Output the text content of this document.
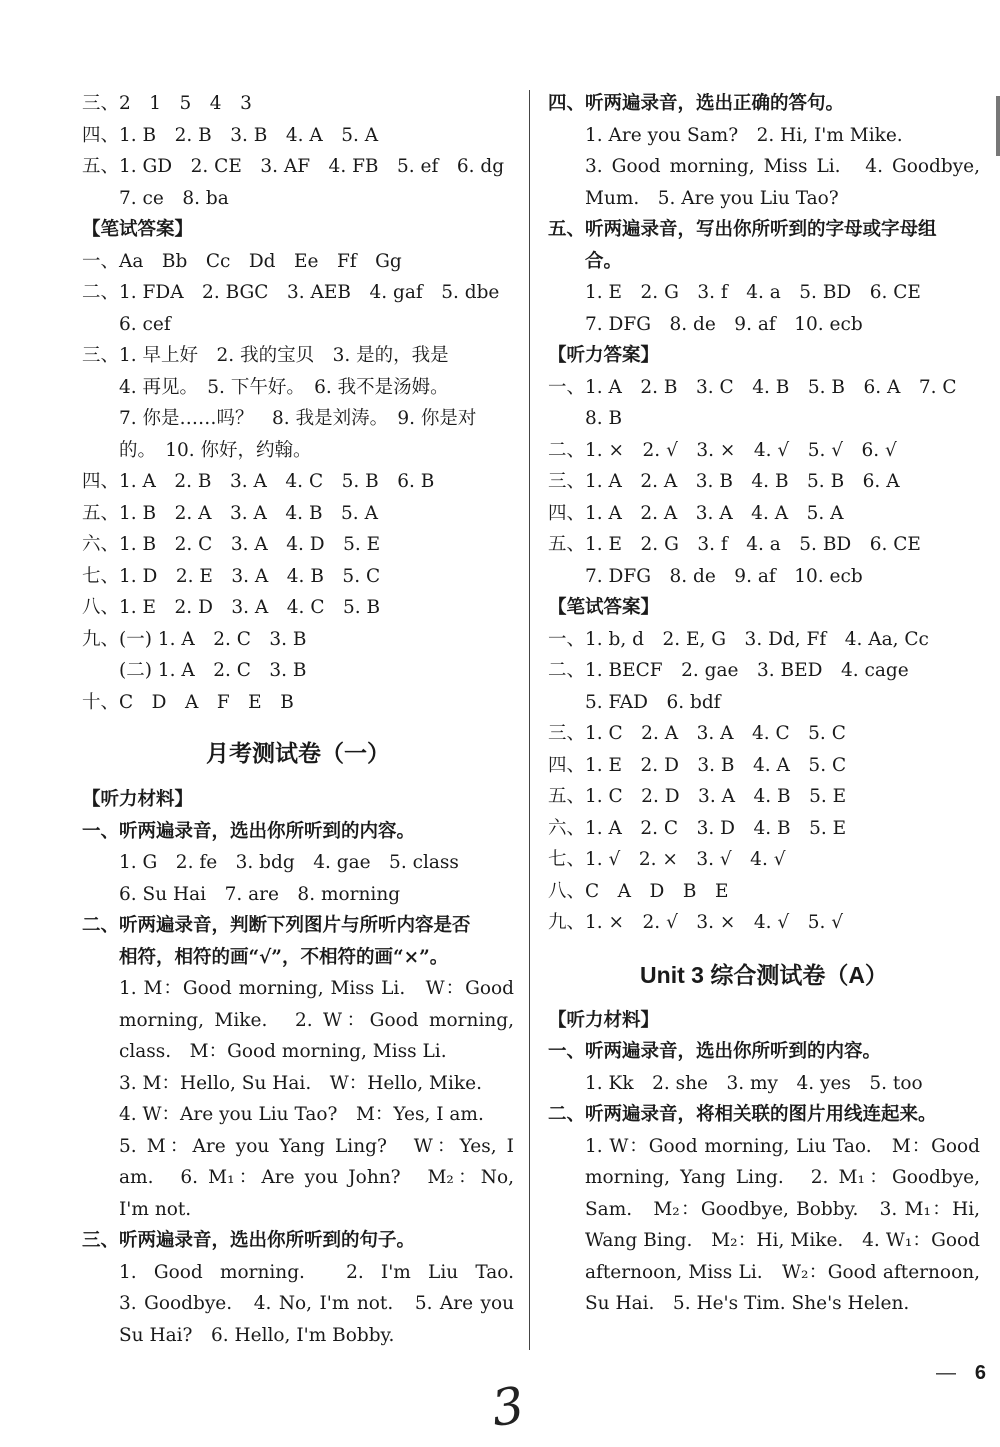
三、2　1　5　4　3
四、1. B　2. B　3. B　4. A　5. A
五、1. GD　2. CE　3. AF　4. FB　5. ef　6. dg
7. ce　8. ba
【笔试答案】
一、Aa　Bb　Cc　Dd　Ee　Ff　Gg
二、1. FDA　2. BGC　3. AEB　4. gaf　5. dbe
6. cef
三、1. 早上好　2. 我的宝贝　3. 是的，我是
4. 再见。　5. 下午好。　6. 我不是汤姆。
7. 你是……吗？　8. 我是刘涛。　9. 你是对
的。　10. 你好，约翰。
四、1. A　2. B　3. A　4. C　5. B　6. B
五、1. B　2. A　3. A　4. B　5. A
六、1. B　2. C　3. A　4. D　5. E
七、1. D　2. E　3. A　4. B　5. C
八、1. E　2. D　3. A　4. C　5. B
九、(一) 1. A　2. C　3. B
(二) 1. A　2. C　3. B
十、C　D　A　F　E　B
月考测试卷（一）
【听力材料】
一、听两遍录音，选出你所听到的内容。
1. G　2. fe　3. bdg　4. gae　5. class
6. Su Hai　7. are　8. morning
二、听两遍录音，判断下列图片与所听内容是否
相符，相符的画“√”，不相符的画“×”。
1. M：Good morning, Miss Li.　W：Good
morning, Mike.　2. W：Good morning,
class.　M：Good morning, Miss Li.
3. M：Hello, Su Hai.　W：Hello, Mike.
4. W：Are you Liu Tao?　M：Yes, I am.
5. M：Are you Yang Ling?　W：Yes, I
am.　6. M₁：Are you John?　M₂：No,
I'm not.
三、听两遍录音，选出你所听到的句子。
1. Good morning.　2. I'm Liu Tao.
3. Goodbye.　4. No, I'm not.　5. Are you
Su Hai?　6. Hello, I'm Bobby.
四、听两遍录音，选出正确的答句。
1. Are you Sam?　2. Hi, I'm Mike.
3. Good morning, Miss Li.　4. Goodbye,
Mum.　5. Are you Liu Tao?
五、听两遍录音，写出你所听到的字母或字母组
合。
1. E　2. G　3. f　4. a　5. BD　6. CE
7. DFG　8. de　9. af　10. ecb
【听力答案】
一、1. A　2. B　3. C　4. B　5. B　6. A　7. C
8. B
二、1. ×　2. √　3. ×　4. √　5. √　6. √
三、1. A　2. A　3. B　4. B　5. B　6. A
四、1. A　2. A　3. A　4. A　5. A
五、1. E　2. G　3. f　4. a　5. BD　6. CE
7. DFG　8. de　9. af　10. ecb
【笔试答案】
一、1. b, d　2. E, G　3. Dd, Ff　4. Aa, Cc
二、1. BECF　2. gae　3. BED　4. cage
5. FAD　6. bdf
三、1. C　2. A　3. A　4. C　5. C
四、1. E　2. D　3. B　4. A　5. C
五、1. C　2. D　3. A　4. B　5. E
六、1. A　2. C　3. D　4. B　5. E
七、1. √　2. ×　3. √　4. √
八、C　A　D　B　E
九、1. ×　2. √　3. ×　4. √　5. √
Unit 3 综合测试卷（A）
【听力材料】
一、听两遍录音，选出你所听到的内容。
1. Kk　2. she　3. my　4. yes　5. too
二、听两遍录音，将相关联的图片用线连起来。
1. W：Good morning, Liu Tao.　M：Good
morning, Yang Ling.　2. M₁：Goodbye,
Sam.　M₂：Goodbye, Bobby.　3. M₁：Hi,
Wang Bing.　M₂：Hi, Mike.　4. W₁：Good
afternoon, Miss Li.　W₂：Good afternoon,
Su Hai.　5. He's Tim. She's Helen.
— 6
3
